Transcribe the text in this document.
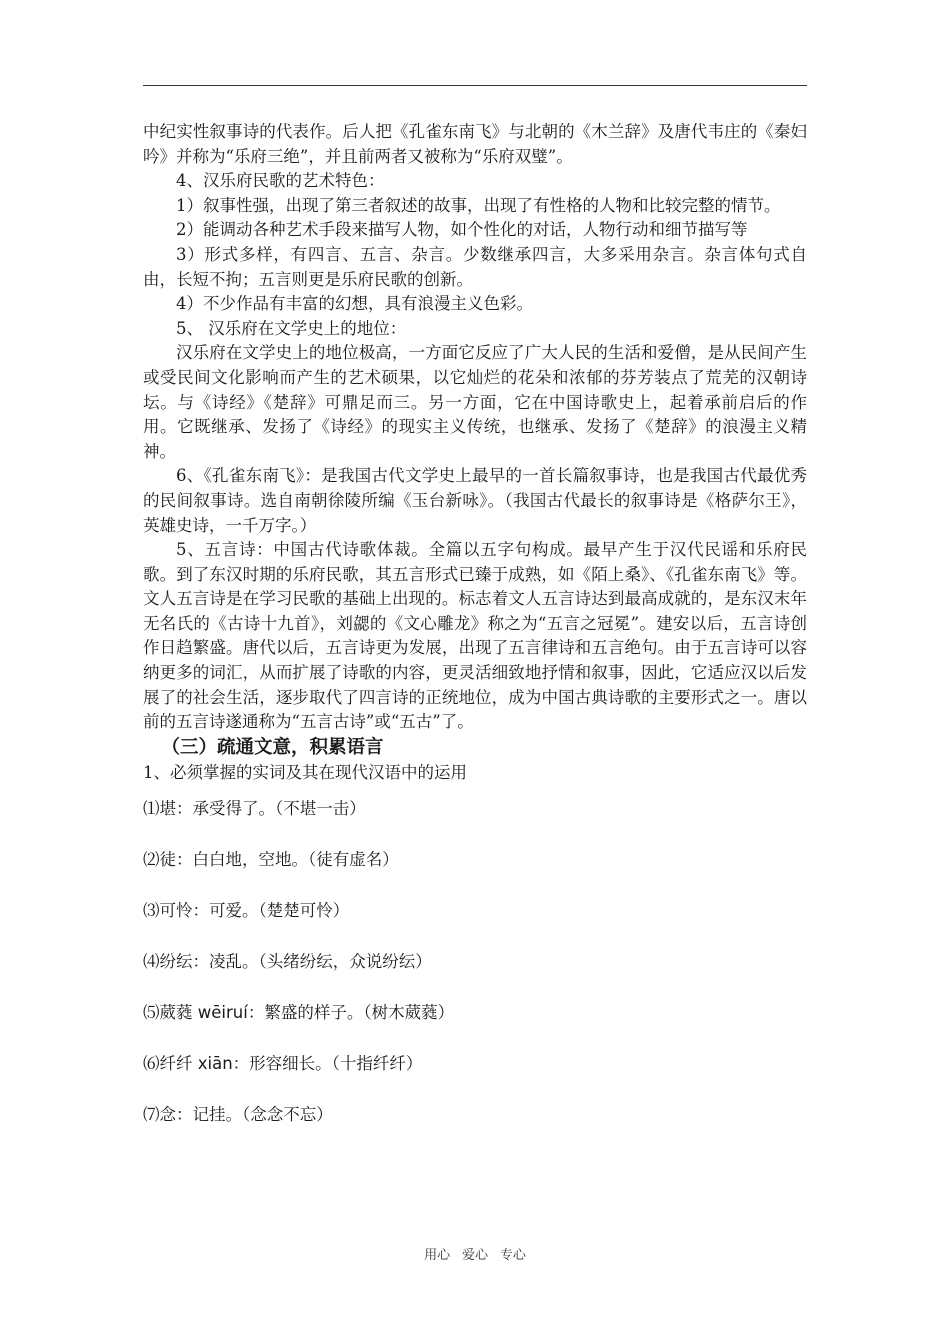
中纪实性叙事诗的代表作。后人把《孔雀东南飞》与北朝的《木兰辞》及唐代韦庄的《秦妇吟》并称为“乐府三绝”，并且前两者又被称为“乐府双璧”。

4、汉乐府民歌的艺术特色：

1）叙事性强，出现了第三者叙述的故事，出现了有性格的人物和比较完整的情节。

2）能调动各种艺术手段来描写人物，如个性化的对话，人物行动和细节描写等

3）形式多样，有四言、五言、杂言。少数继承四言，大多采用杂言。杂言体句式自由，长短不拘；五言则更是乐府民歌的创新。

4）不少作品有丰富的幻想，具有浪漫主义色彩。

5、 汉乐府在文学史上的地位：

汉乐府在文学史上的地位极高，一方面它反应了广大人民的生活和爱僧，是从民间产生或受民间文化影响而产生的艺术硕果，以它灿烂的花朵和浓郁的芬芳装点了荒芜的汉朝诗坛。与《诗经》《楚辞》可鼎足而三。另一方面，它在中国诗歌史上，起着承前启后的作用。它既继承、发扬了《诗经》的现实主义传统，也继承、发扬了《楚辞》的浪漫主义精神。

6、《孔雀东南飞》：是我国古代文学史上最早的一首长篇叙事诗，也是我国古代最优秀的民间叙事诗。选自南朝徐陵所编《玉台新咏》。（我国古代最长的叙事诗是《格萨尔王》，英雄史诗，一千万字。）

5、五言诗：中国古代诗歌体裁。全篇以五字句构成。最早产生于汉代民谣和乐府民歌。到了东汉时期的乐府民歌，其五言形式已臻于成熟，如《陌上桑》、《孔雀东南飞》等。文人五言诗是在学习民歌的基础上出现的。标志着文人五言诗达到最高成就的，是东汉末年无名氏的《古诗十九首》，刘勰的《文心雕龙》称之为“五言之冠冕”。建安以后，五言诗创作日趋繁盛。唐代以后，五言诗更为发展，出现了五言律诗和五言绝句。由于五言诗可以容纳更多的词汇，从而扩展了诗歌的内容，更灵活细致地抒情和叙事，因此，它适应汉以后发展了的社会生活，逐步取代了四言诗的正统地位，成为中国古典诗歌的主要形式之一。唐以前的五言诗遂通称为“五言古诗”或“五古”了。

（三）疏通文意，积累语言

1、必须掌握的实词及其在现代汉语中的运用

⑴堪：承受得了。（不堪一击）

⑵徒：白白地，空地。（徒有虚名）

⑶可怜：可爱。（楚楚可怜）

⑷纷纭：凌乱。（头绪纷纭，众说纷纭）

⑸葳蕤 wēiruí：繁盛的样子。（树木葳蕤）

⑹纤纤 xiān：形容细长。（十指纤纤）

⑺念：记挂。（念念不忘）

用心 爱心 专心
